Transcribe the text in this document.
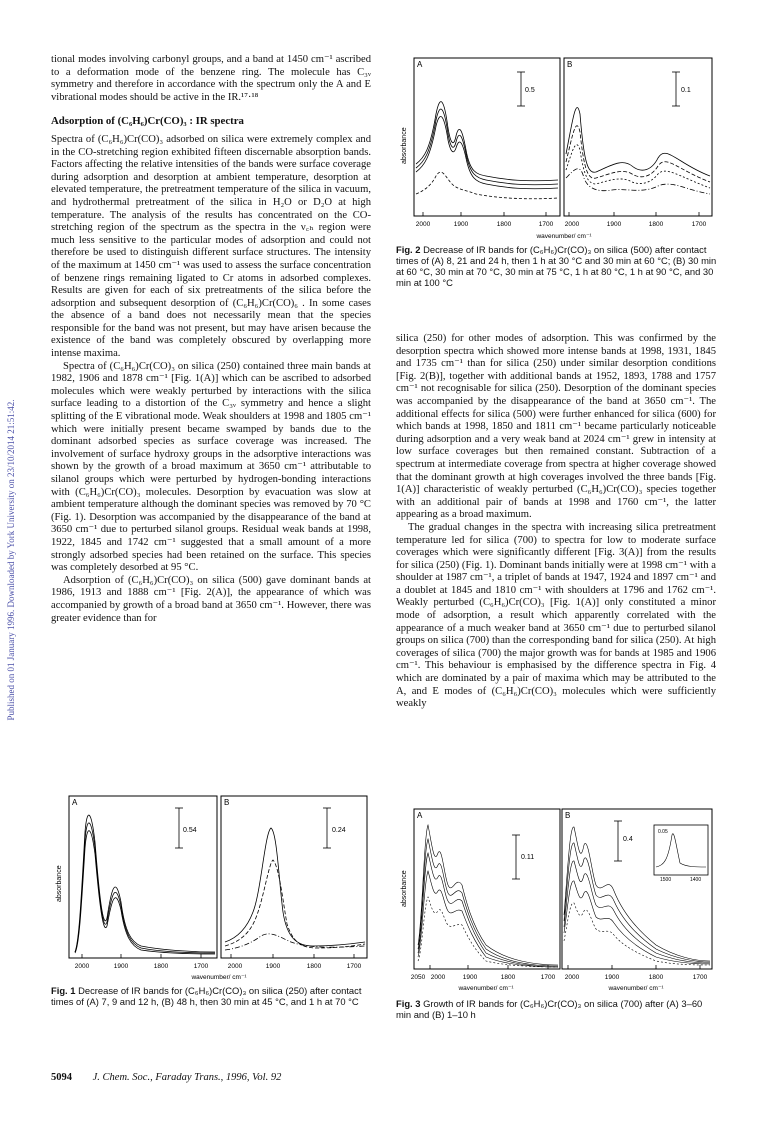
Published on 01 January 1996. Downloaded by York University on 23/10/2014 21:51:42.

tional modes involving carbonyl groups, and a band at 1450 cm⁻¹ ascribed to a deformation mode of the benzene ring. The molecule has C₃ᵥ symmetry and therefore in accordance with the spectrum only the A and E vibrational modes should be active in the IR.¹⁷·¹⁸

Adsorption of (C₆H₆)Cr(CO)₃ : IR spectra

Spectra of (C₆H₆)Cr(CO)₃ adsorbed on silica were extremely complex and in the CO-stretching region exhibited fifteen discernable absorption bands. Factors affecting the relative intensities of the bands were surface coverage during adsorption and desorption at ambient temperature, desorption at elevated temperature, the pretreatment temperature of the silica in vacuum, and hydrothermal pretreatment of the silica in H₂O or D₂O at high temperature. The analysis of the results has concentrated on the CO-stretching region of the spectrum as the spectra in the ν꜀ₕ region were much less sensitive to the particular modes of adsorption and could not therefore be used to distinguish different surface structures. The intensity of the maximum at 1450 cm⁻¹ was used to assess the surface concentration of benzene rings remaining ligated to Cr atoms in adsorbed complexes. Results are given for each of six pretreatments of the silica before the adsorption and subsequent desorption of (C₆H₆)Cr(CO)₆ . In some cases the absence of a band does not necessarily mean that the species responsible for the band was not present, but may have arisen because the existence of the band was completely obscured by overlapping more intense maxima.

Spectra of (C₆H₆)Cr(CO)₃ on silica (250) contained three main bands at 1982, 1906 and 1878 cm⁻¹ [Fig. 1(A)] which can be ascribed to adsorbed molecules which were weakly perturbed by interactions with the silica surface leading to a distortion of the C₃ᵥ symmetry and hence a slight splitting of the E vibrational mode. Weak shoulders at 1998 and 1805 cm⁻¹ which were initially present became swamped by bands due to the dominant adsorbed species as surface coverage was increased. The involvement of surface hydroxy groups in the adsorptive interactions was shown by the growth of a broad maximum at 3650 cm⁻¹ attributable to silanol groups which were perturbed by hydrogen-bonding interactions with (C₆H₆)Cr(CO)₃ molecules. Desorption by evacuation was slow at ambient temperature although the dominant species was removed by 70 °C (Fig. 1). Desorption was accompanied by the disappearance of the band at 3650 cm⁻¹ due to perturbed silanol groups. Residual weak bands at 1998, 1922, 1845 and 1742 cm⁻¹ suggested that a small amount of a more strongly adsorbed species had been retained on the surface. This species was completely desorbed at 95 °C.

Adsorption of (C₆H₆)Cr(CO)₃ on silica (500) gave dominant bands at 1986, 1913 and 1888 cm⁻¹ [Fig. 2(A)], the appearance of which was accompanied by growth of a broad band at 3650 cm⁻¹. However, there was greater evidence than for

silica (250) for other modes of adsorption. This was confirmed by the desorption spectra which showed more intense bands at 1998, 1931, 1845 and 1735 cm⁻¹ than for silica (250) under similar desorption conditions [Fig. 2(B)], together with additional bands at 1952, 1893, 1788 and 1757 cm⁻¹ not recognisable for silica (250). Desorption of the dominant species was accompanied by the disappearance of the band at 3650 cm⁻¹. The additional effects for silica (500) were further enhanced for silica (600) for which bands at 1998, 1850 and 1811 cm⁻¹ became particularly noticeable during adsorption and a very weak band at 2024 cm⁻¹ grew in intensity at low surface coverages but then remained constant. Subtraction of a spectrum at intermediate coverage from spectra at higher coverage showed that the dominant growth at high coverages involved the three bands [Fig. 1(A)] characteristic of weakly perturbed (C₆H₆)Cr(CO)₃ species together with an additional pair of bands at 1998 and 1760 cm⁻¹, the latter appearing as a broad maximum.

The gradual changes in the spectra with increasing silica pretreatment temperature led for silica (700) to spectra for low to moderate surface coverages which were significantly different [Fig. 3(A)] from the results for silica (250) (Fig. 1). Dominant bands initially were at 1998 cm⁻¹ with a shoulder at 1987 cm⁻¹, a triplet of bands at 1947, 1924 and 1897 cm⁻¹ and a doublet at 1845 and 1810 cm⁻¹ with shoulders at 1796 and 1762 cm⁻¹. Weakly perturbed (C₆H₆)Cr(CO)₃ [Fig. 1(A)] only constituted a minor mode of adsorption, a result which apparently correlated with the appearance of a much weaker band at 3650 cm⁻¹ due to perturbed silanol groups on silica (700) than the corresponding band for silica (250). At high coverages of silica (700) the major growth was for bands at 1985 and 1906 cm⁻¹. This behaviour is emphasised by the difference spectra in Fig. 4 which are dominated by a pair of maxima which may be attributed to the A, and E modes of (C₆H₆)Cr(CO)₃ molecules which were sufficiently weakly

absorbance
A
0.5
B
0.1
2000	1900	1800	1700 2000	1900	1800	1700
wavenumber/ cm⁻¹
Fig. 2 Decrease of IR bands for (C₆H₆)Cr(CO)₃ on silica (500) after contact times of (A) 8, 21 and 24 h, then 1 h at 30 °C and 30 min at 60 °C; (B) 30 min at 60 °C, 30 min at 70 °C, 30 min at 75 °C, 1 h at 80 °C, 1 h at 90 °C, and 30 min at 100 °C
absorbance
A
0.54
B
0.24
2000	1900	1800	1700	2000	1900	1800	1700
wavenumber/ cm⁻¹
Fig. 1 Decrease of IR bands for (C₆H₆)Cr(CO)₃ on silica (250) after contact times of (A) 7, 9 and 12 h, (B) 48 h, then 30 min at 45 °C, and 1 h at 70 °C
absorbance
A
0.11
B
0.4
0.05
1500	1400
2050 2000	1900	1800	1700 2000	1900	1800	1700
wavenumber/ cm⁻¹	wavenumber/ cm⁻¹
Fig. 3 Growth of IR bands for (C₆H₆)Cr(CO)₃ on silica (700) after (A) 3–60 min and (B) 1–10 h
5094 J. Chem. Soc., Faraday Trans., 1996, Vol. 92
